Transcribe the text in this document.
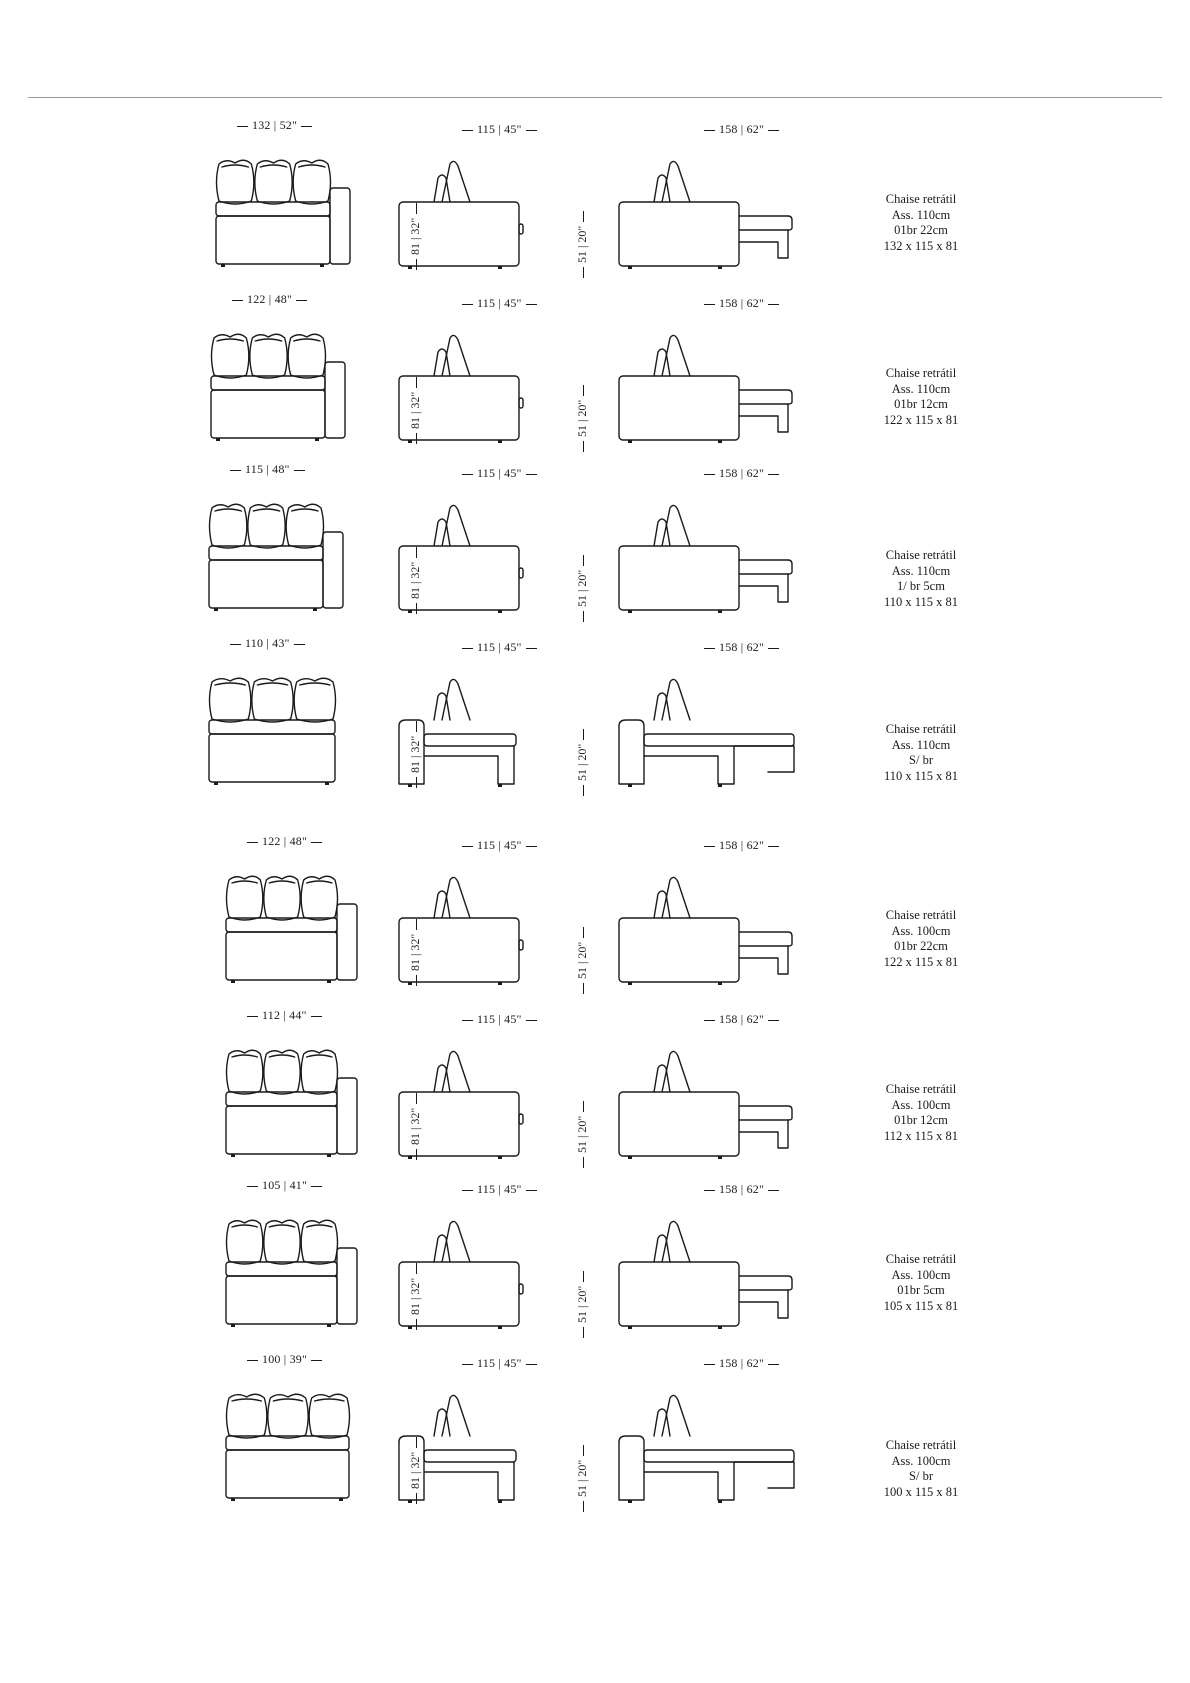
132 | 52"	115 | 45"	158 | 62"
81 | 32"	51 | 20"
Chaise retrátil
Ass. 110cm
01br 22cm
132 x 115 x 81
122 | 48"	115 | 45"	158 | 62"
81 | 32"	51 | 20"
Chaise retrátil
Ass. 110cm
01br 12cm
122 x 115 x 81
115 | 48"	115 | 45"	158 | 62"
81 | 32"	51 | 20"
Chaise retrátil
Ass. 110cm
1/ br 5cm
110 x 115 x 81
110 | 43"	115 | 45"	158 | 62"
81 | 32"	51 | 20"
Chaise retrátil
Ass. 110cm
S/ br
110 x 115 x 81
122 | 48"	115 | 45"	158 | 62"
81 | 32"	51 | 20"
Chaise retrátil
Ass. 100cm
01br 22cm
122 x 115 x 81
112 | 44"	115 | 45"	158 | 62"
81 | 32"	51 | 20"
Chaise retrátil
Ass. 100cm
01br 12cm
112 x 115 x 81
105 | 41"	115 | 45"	158 | 62"
81 | 32"	51 | 20"
Chaise retrátil
Ass. 100cm
01br 5cm
105 x 115 x 81
100 | 39"	115 | 45"	158 | 62"
81 | 32"	51 | 20"
Chaise retrátil
Ass. 100cm
S/ br
100 x 115 x 81
